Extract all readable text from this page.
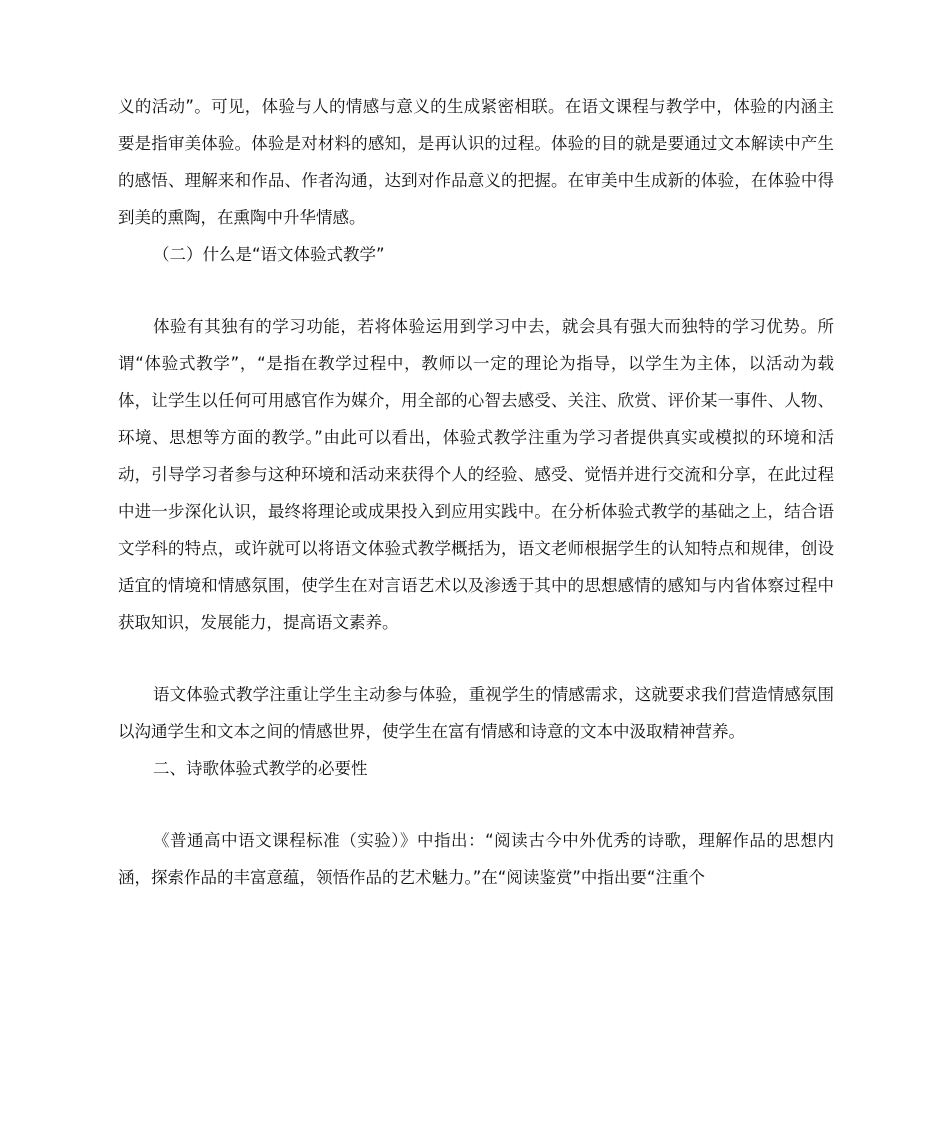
义的活动”。可见，体验与人的情感与意义的生成紧密相联。在语文课程与教学中，体验的内涵主要是指审美体验。体验是对材料的感知，是再认识的过程。体验的目的就是要通过文本解读中产生的感悟、理解来和作品、作者沟通，达到对作品意义的把握。在审美中生成新的体验，在体验中得到美的熏陶，在熏陶中升华情感。

（二）什么是“语文体验式教学”

体验有其独有的学习功能，若将体验运用到学习中去，就会具有强大而独特的学习优势。所谓“体验式教学”，“是指在教学过程中，教师以一定的理论为指导，以学生为主体，以活动为载体，让学生以任何可用感官作为媒介，用全部的心智去感受、关注、欣赏、评价某一事件、人物、环境、思想等方面的教学。”由此可以看出，体验式教学注重为学习者提供真实或模拟的环境和活动，引导学习者参与这种环境和活动来获得个人的经验、感受、觉悟并进行交流和分享，在此过程中进一步深化认识，最终将理论或成果投入到应用实践中。在分析体验式教学的基础之上，结合语文学科的特点，或许就可以将语文体验式教学概括为，语文老师根据学生的认知特点和规律，创设适宜的情境和情感氛围，使学生在对言语艺术以及渗透于其中的思想感情的感知与内省体察过程中获取知识，发展能力，提高语文素养。

语文体验式教学注重让学生主动参与体验，重视学生的情感需求，这就要求我们营造情感氛围以沟通学生和文本之间的情感世界，使学生在富有情感和诗意的文本中汲取精神营养。

二、诗歌体验式教学的必要性

《普通高中语文课程标准（实验）》中指出：“阅读古今中外优秀的诗歌，理解作品的思想内涵，探索作品的丰富意蕴，领悟作品的艺术魅力。”在“阅读鉴赏”中指出要“注重个
